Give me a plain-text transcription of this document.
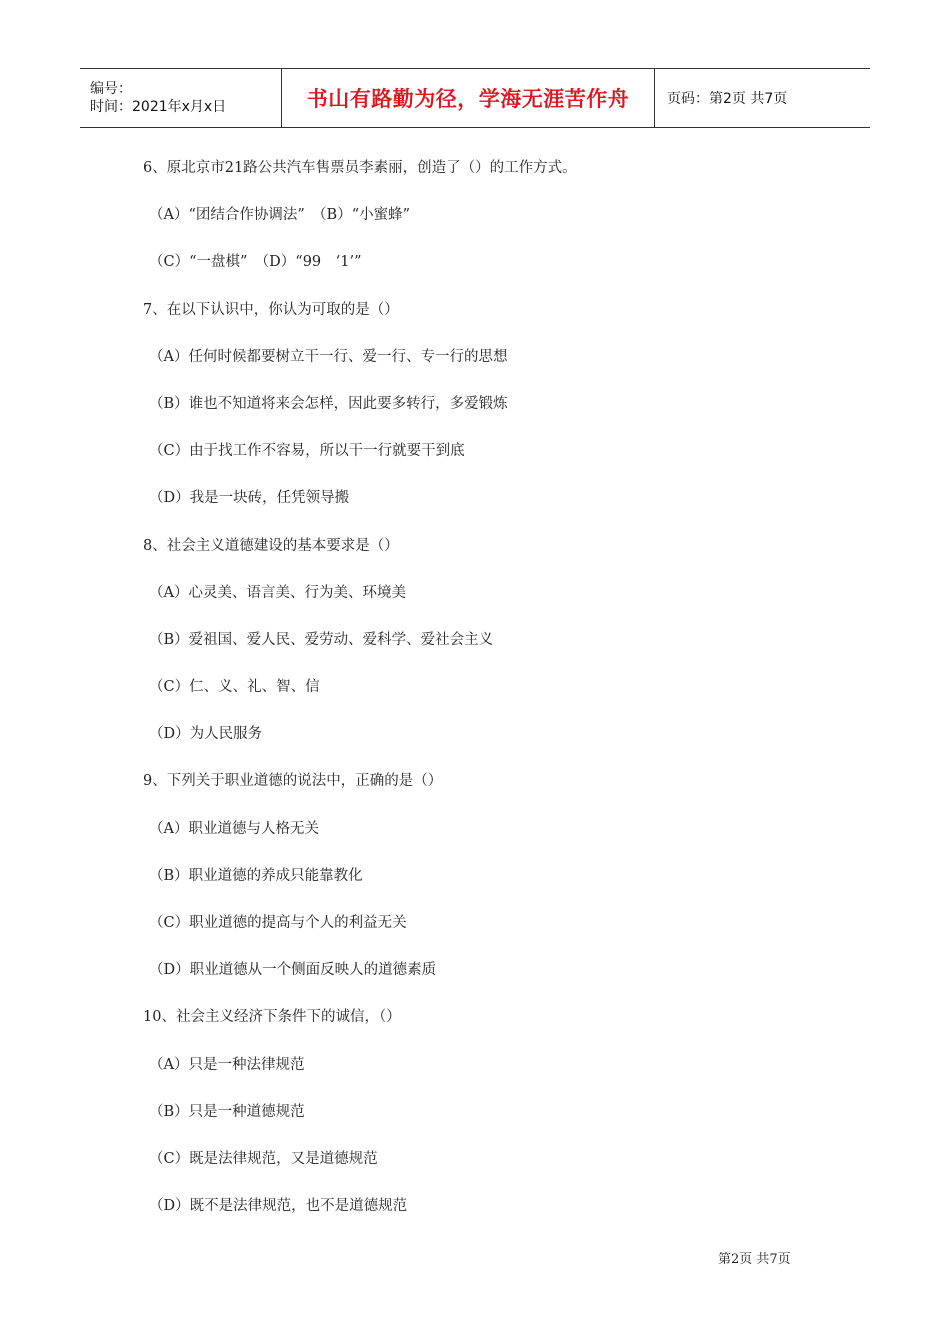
编号：
时间：2021年x月x日	书山有路勤为径，学海无涯苦作舟	页码：第2页 共7页
6、原北京市21路公共汽车售票员李素丽，创造了（）的工作方式。
（A）“团结合作协调法”　（B）“小蜜蜂”
（C）“一盘棋”　（D）“99　‘1’”
7、在以下认识中，你认为可取的是（）
（A）任何时候都要树立干一行、爱一行、专一行的思想
（B）谁也不知道将来会怎样，因此要多转行，多爱锻炼
（C）由于找工作不容易，所以干一行就要干到底
（D）我是一块砖，任凭领导搬
8、社会主义道德建设的基本要求是（）
（A）心灵美、语言美、行为美、环境美
（B）爱祖国、爱人民、爱劳动、爱科学、爱社会主义
（C）仁、义、礼、智、信
（D）为人民服务
9、下列关于职业道德的说法中，正确的是（）
（A）职业道德与人格无关
（B）职业道德的养成只能靠教化
（C）职业道德的提高与个人的利益无关
（D）职业道德从一个侧面反映人的道德素质
10、社会主义经济下条件下的诚信，（）
（A）只是一种法律规范
（B）只是一种道德规范
（C）既是法律规范，又是道德规范
（D）既不是法律规范，也不是道德规范
第2页 共7页
